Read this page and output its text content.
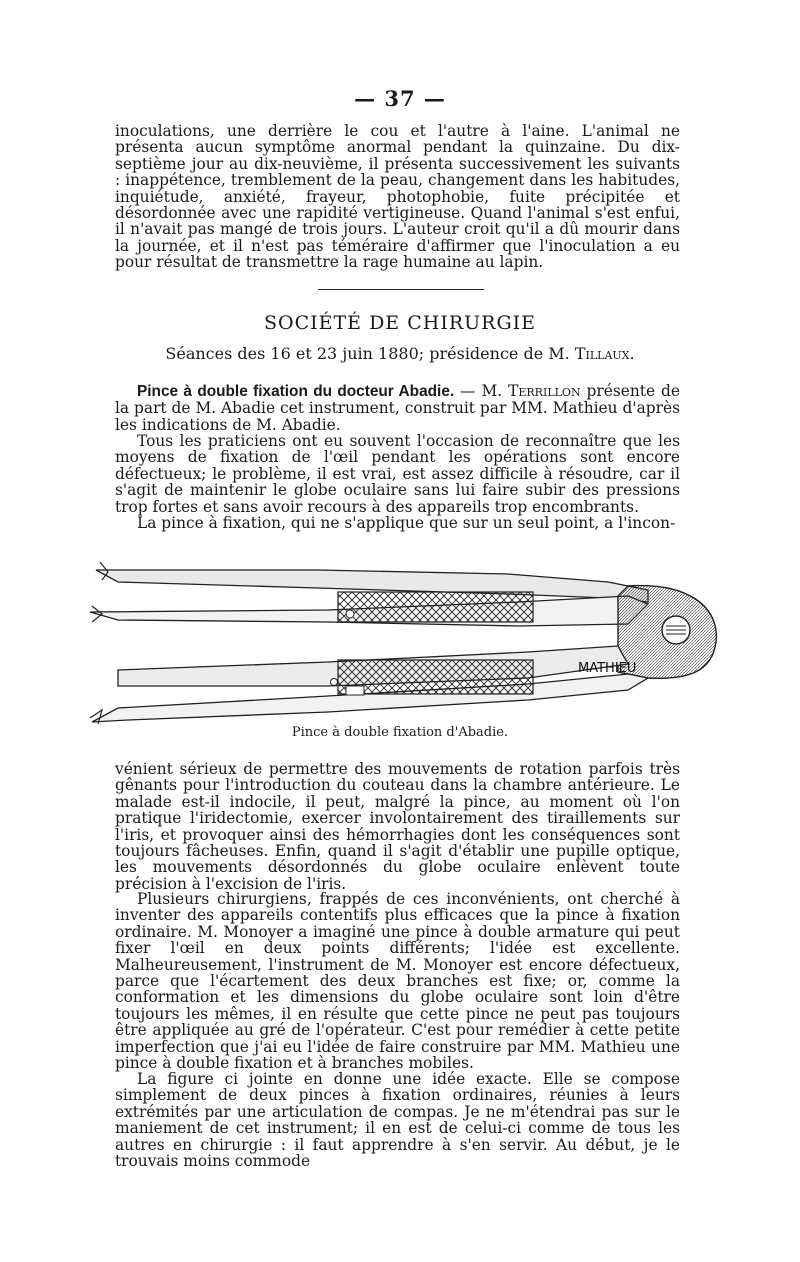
— 37 —

inoculations, une derrière le cou et l'autre à l'aine. L'animal ne présenta aucun symptôme anormal pendant la quinzaine. Du dix-septième jour au dix-neuvième, il présenta successivement les suivants : inappétence, tremblement de la peau, changement dans les habitudes, inquiétude, anxiété, frayeur, photophobie, fuite précipitée et désordonnée avec une rapidité vertigineuse. Quand l'animal s'est enfui, il n'avait pas mangé de trois jours. L'auteur croit qu'il a dû mourir dans la journée, et il n'est pas téméraire d'affirmer que l'inoculation a eu pour résultat de transmettre la rage humaine au lapin.

SOCIÉTÉ DE CHIRURGIE

Séances des 16 et 23 juin 1880; présidence de M. Tillaux.

Pince à double fixation du docteur Abadie. — M. Terrillon présente de la part de M. Abadie cet instrument, construit par MM. Mathieu d'après les indications de M. Abadie.

Tous les praticiens ont eu souvent l'occasion de reconnaître que les moyens de fixation de l'œil pendant les opérations sont encore défectueux; le problème, il est vrai, est assez difficile à résoudre, car il s'agit de maintenir le globe oculaire sans lui faire subir des pressions trop fortes et sans avoir recours à des appareils trop encombrants.

La pince à fixation, qui ne s'applique que sur un seul point, a l'incon-

MATHIEU

Pince à double fixation d'Abadie.

vénient sérieux de permettre des mouvements de rotation parfois très gênants pour l'introduction du couteau dans la chambre antérieure. Le malade est-il indocile, il peut, malgré la pince, au moment où l'on pratique l'iridectomie, exercer involontairement des tiraillements sur l'iris, et provoquer ainsi des hémorrhagies dont les conséquences sont toujours fâcheuses. Enfin, quand il s'agit d'établir une pupille optique, les mouvements désordonnés du globe oculaire enlèvent toute précision à l'excision de l'iris.

Plusieurs chirurgiens, frappés de ces inconvénients, ont cherché à inventer des appareils contentifs plus efficaces que la pince à fixation ordinaire. M. Monoyer a imaginé une pince à double armature qui peut fixer l'œil en deux points différents; l'idée est excellente. Malheureusement, l'instrument de M. Monoyer est encore défectueux, parce que l'écartement des deux branches est fixe; or, comme la conformation et les dimensions du globe oculaire sont loin d'être toujours les mêmes, il en résulte que cette pince ne peut pas toujours être appliquée au gré de l'opérateur. C'est pour remédier à cette petite imperfection que j'ai eu l'idée de faire construire par MM. Mathieu une pince à double fixation et à branches mobiles.

La figure ci jointe en donne une idée exacte. Elle se compose simplement de deux pinces à fixation ordinaires, réunies à leurs extrémités par une articulation de compas. Je ne m'étendrai pas sur le maniement de cet instrument; il en est de celui-ci comme de tous les autres en chirurgie : il faut apprendre à s'en servir. Au début, je le trouvais moins commode
